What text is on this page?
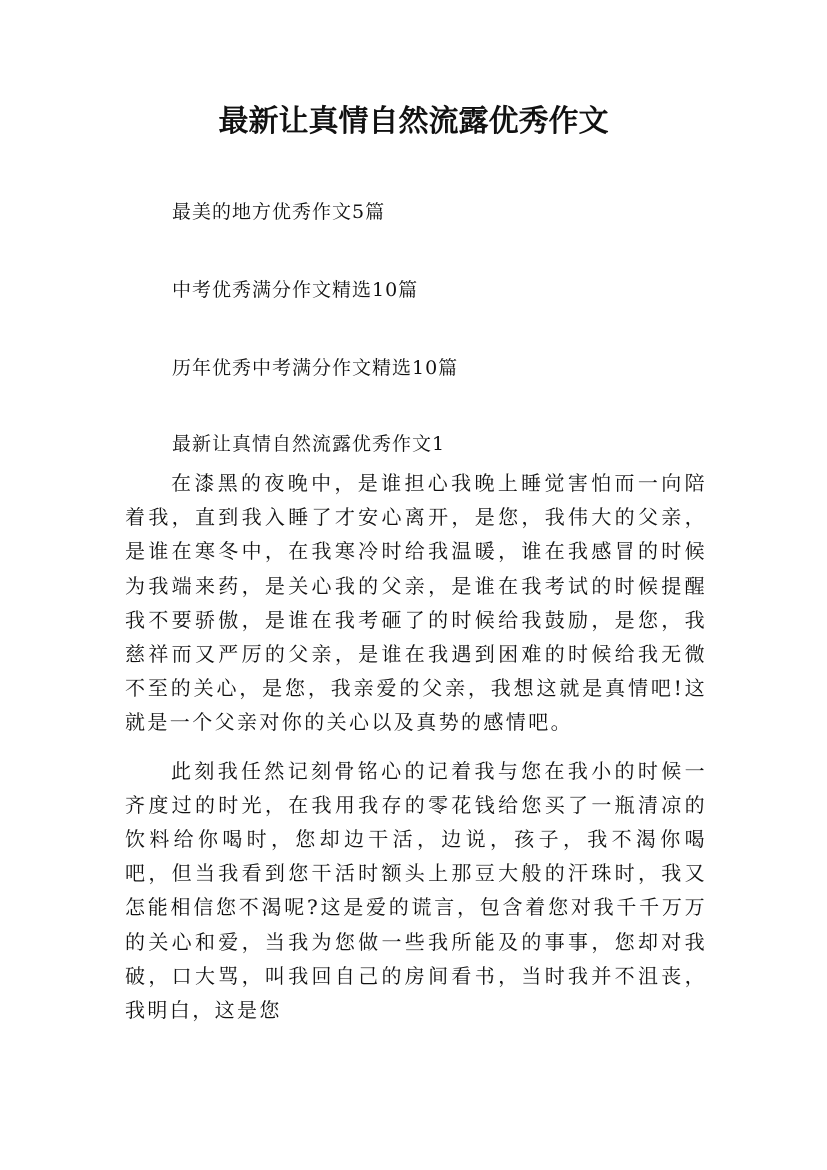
最新让真情自然流露优秀作文
最美的地方优秀作文5篇
中考优秀满分作文精选10篇
历年优秀中考满分作文精选10篇
最新让真情自然流露优秀作文1

在漆黑的夜晚中，是谁担心我晚上睡觉害怕而一向陪着我，直到我入睡了才安心离开，是您，我伟大的父亲，是谁在寒冬中，在我寒冷时给我温暖，谁在我感冒的时候为我端来药，是关心我的父亲，是谁在我考试的时候提醒我不要骄傲，是谁在我考砸了的时候给我鼓励，是您，我慈祥而又严厉的父亲，是谁在我遇到困难的时候给我无微不至的关心，是您，我亲爱的父亲，我想这就是真情吧!这就是一个父亲对你的关心以及真势的感情吧。

此刻我任然记刻骨铭心的记着我与您在我小的时候一齐度过的时光，在我用我存的零花钱给您买了一瓶清凉的饮料给你喝时，您却边干活，边说，孩子，我不渴你喝吧，但当我看到您干活时额头上那豆大般的汗珠时，我又怎能相信您不渴呢?这是爱的谎言，包含着您对我千千万万的关心和爱，当我为您做一些我所能及的事事，您却对我破，口大骂，叫我回自己的房间看书，当时我并不沮丧，我明白，这是您
